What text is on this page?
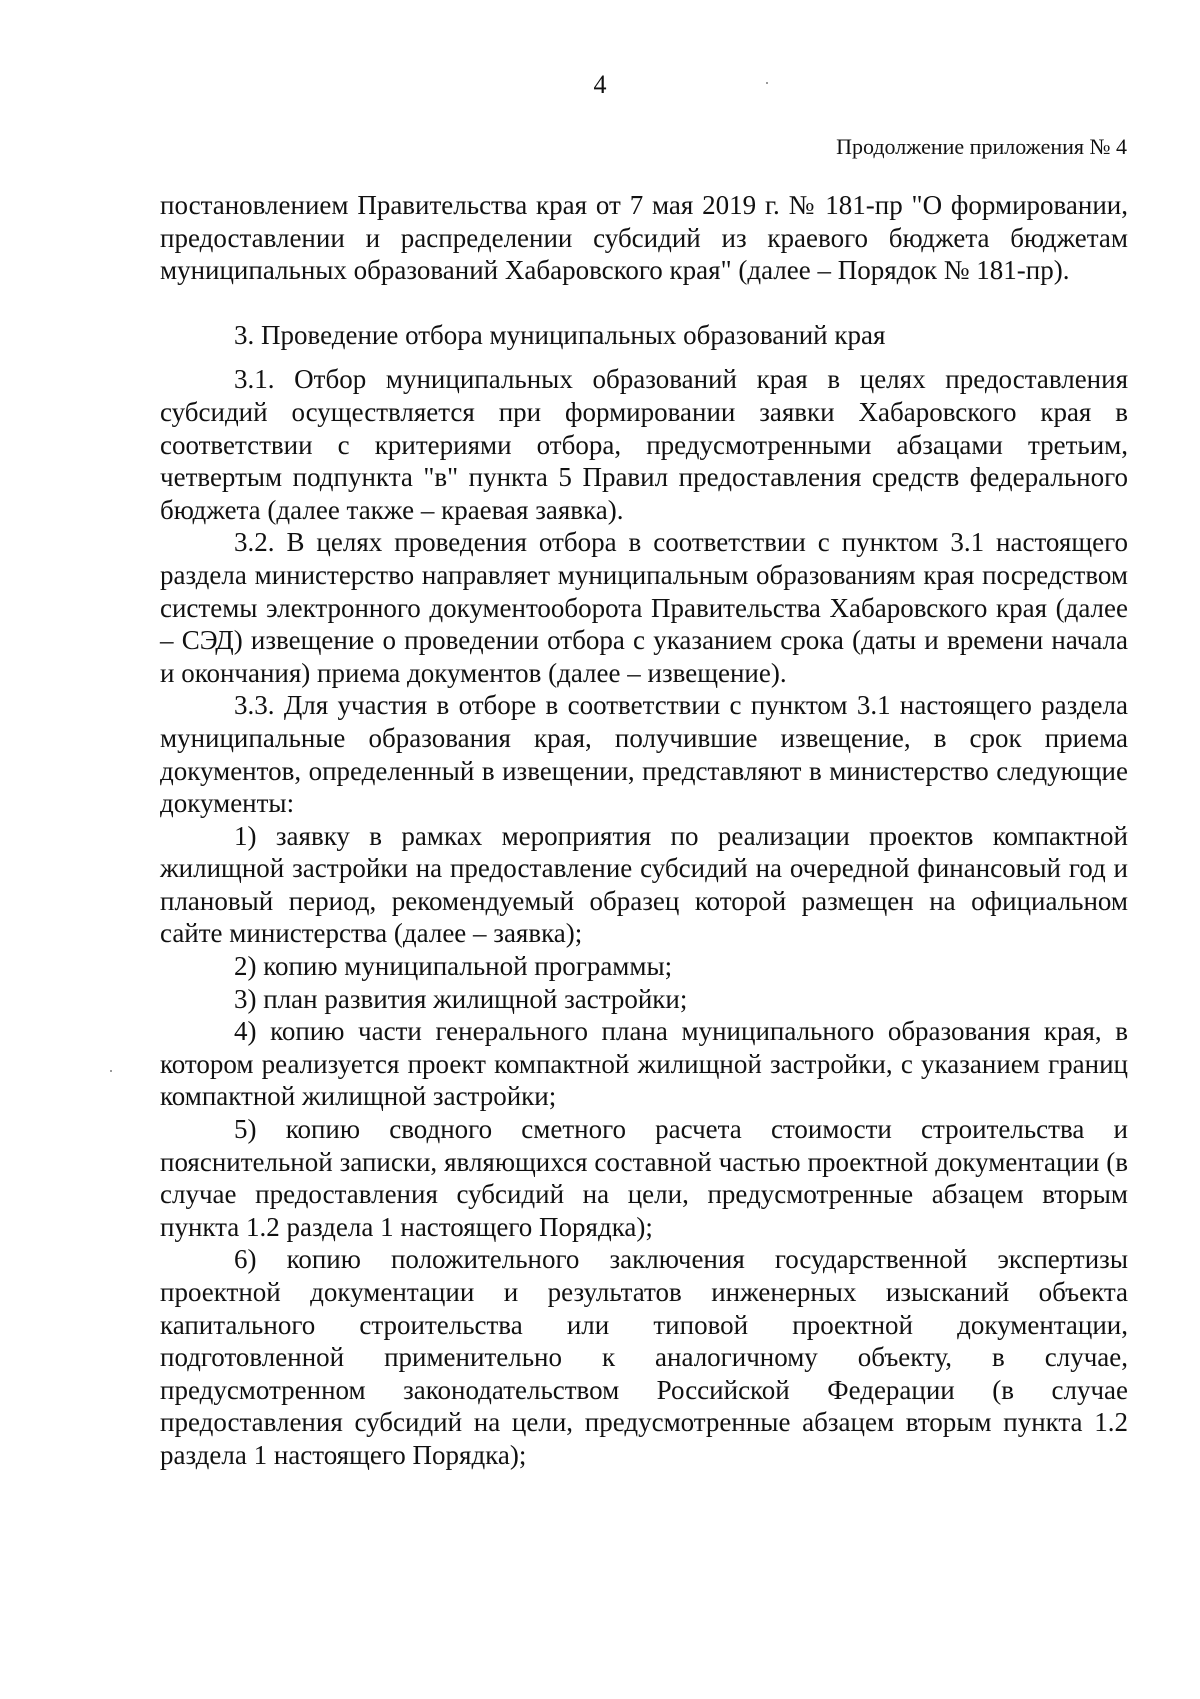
4
Продолжение приложения № 4

постановлением Правительства края от 7 мая 2019 г. № 181-пр "О формировании, предоставлении и распределении субсидий из краевого бюджета бюджетам муниципальных образований Хабаровского края" (далее – Порядок № 181-пр).

3. Проведение отбора муниципальных образований края

3.1. Отбор муниципальных образований края в целях предоставления субсидий осуществляется при формировании заявки Хабаровского края в соответствии с критериями отбора, предусмотренными абзацами третьим, четвертым подпункта "в" пункта 5 Правил предоставления средств федерального бюджета (далее также – краевая заявка).

3.2. В целях проведения отбора в соответствии с пунктом 3.1 настоящего раздела министерство направляет муниципальным образованиям края посредством системы электронного документооборота Правительства Хабаровского края (далее – СЭД) извещение о проведении отбора с указанием срока (даты и времени начала и окончания) приема документов (далее – извещение).

3.3. Для участия в отборе в соответствии с пунктом 3.1 настоящего раздела муниципальные образования края, получившие извещение, в срок приема документов, определенный в извещении, представляют в министерство следующие документы:

1) заявку в рамках мероприятия по реализации проектов компактной жилищной застройки на предоставление субсидий на очередной финансовый год и плановый период, рекомендуемый образец которой размещен на официальном сайте министерства (далее – заявка);

2) копию муниципальной программы;

3) план развития жилищной застройки;

4) копию части генерального плана муниципального образования края, в котором реализуется проект компактной жилищной застройки, с указанием границ компактной жилищной застройки;

5) копию сводного сметного расчета стоимости строительства и пояснительной записки, являющихся составной частью проектной документации (в случае предоставления субсидий на цели, предусмотренные абзацем вторым пункта 1.2 раздела 1 настоящего Порядка);

6) копию положительного заключения государственной экспертизы проектной документации и результатов инженерных изысканий объекта капитального строительства или типовой проектной документации, подготовленной применительно к аналогичному объекту, в случае, предусмотренном законодательством Российской Федерации (в случае предоставления субсидий на цели, предусмотренные абзацем вторым пункта 1.2 раздела 1 настоящего Порядка);
